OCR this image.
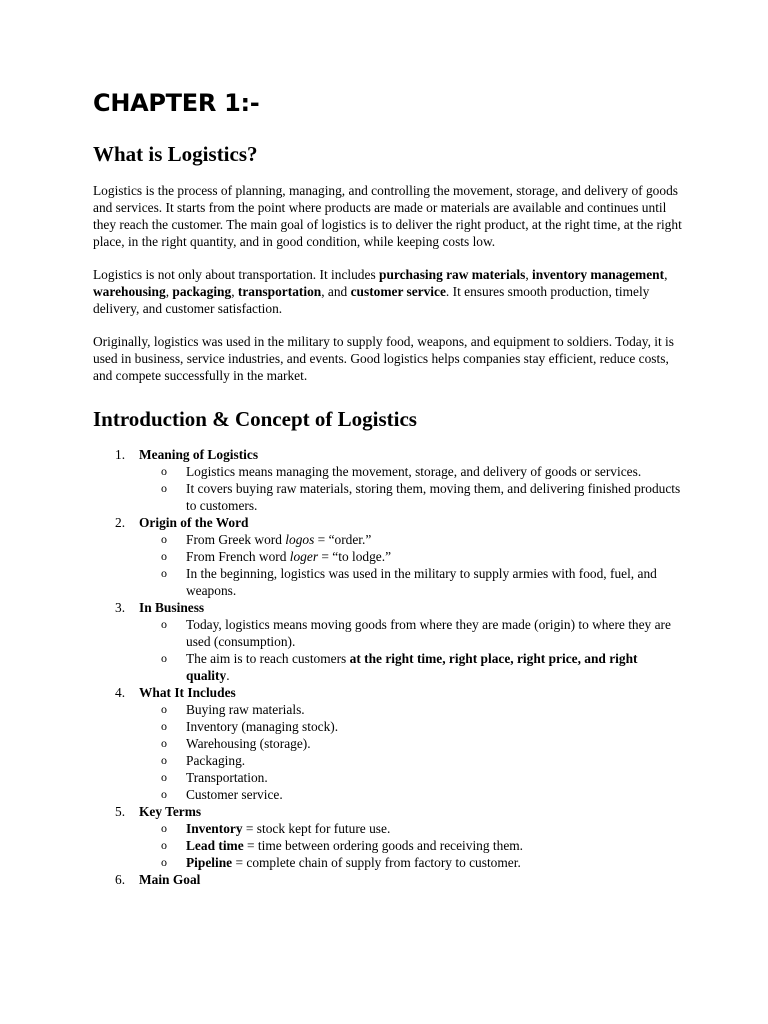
CHAPTER 1:-
What is Logistics?

Logistics is the process of planning, managing, and controlling the movement, storage, and delivery of goods and services. It starts from the point where products are made or materials are available and continues until they reach the customer. The main goal of logistics is to deliver the right product, at the right time, at the right place, in the right quantity, and in good condition, while keeping costs low.

Logistics is not only about transportation. It includes purchasing raw materials, inventory management, warehousing, packaging, transportation, and customer service. It ensures smooth production, timely delivery, and customer satisfaction.

Originally, logistics was used in the military to supply food, weapons, and equipment to soldiers. Today, it is used in business, service industries, and events. Good logistics helps companies stay efficient, reduce costs, and compete successfully in the market.

Introduction & Concept of Logistics
1. Meaning of Logistics
o Logistics means managing the movement, storage, and delivery of goods or services.
o It covers buying raw materials, storing them, moving them, and delivering finished products to customers.
2. Origin of the Word
o From Greek word logos = “order.”
o From French word loger = “to lodge.”
o In the beginning, logistics was used in the military to supply armies with food, fuel, and weapons.
3. In Business
o Today, logistics means moving goods from where they are made (origin) to where they are used (consumption).
o The aim is to reach customers at the right time, right place, right price, and right quality.
4. What It Includes
o Buying raw materials.
o Inventory (managing stock).
o Warehousing (storage).
o Packaging.
o Transportation.
o Customer service.
5. Key Terms
o Inventory = stock kept for future use.
o Lead time = time between ordering goods and receiving them.
o Pipeline = complete chain of supply from factory to customer.
6. Main Goal
